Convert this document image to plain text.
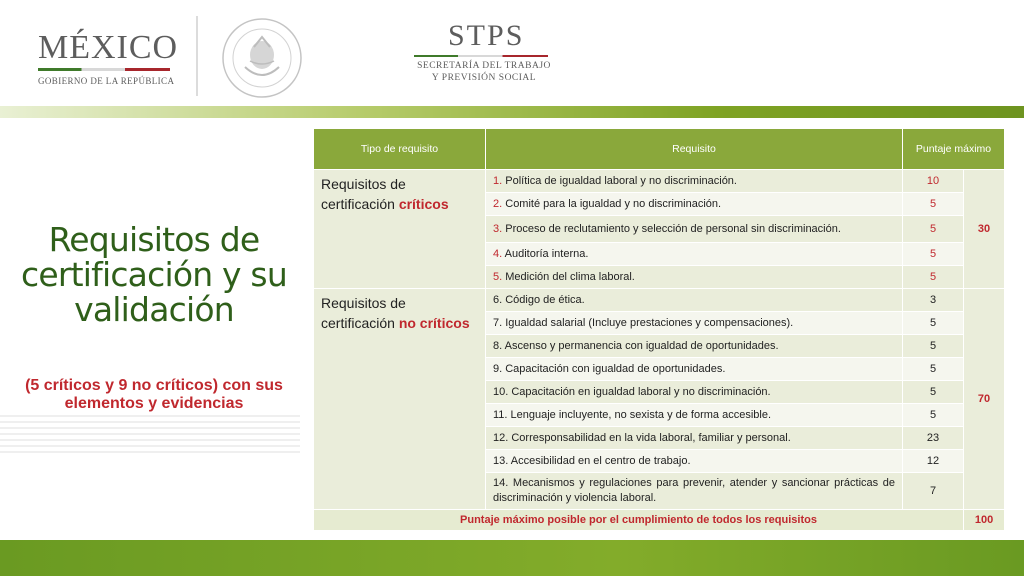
MÉXICO
GOBIERNO DE LA REPÚBLICA
STPS
SECRETARÍA DEL TRABAJO
Y PREVISIÓN SOCIAL
Requisitos de
certificación y su
validación
(5 críticos y 9 no críticos) con sus elementos y evidencias
Tipo de requisito	Requisito	Puntaje máximo	
Requisitos de certificación críticos	1. Política de igualdad laboral y no discriminación.	10	30
	2. Comité para la igualdad y no discriminación.	5	
	3. Proceso de reclutamiento y selección de personal sin discriminación.	5	
	4. Auditoría interna.	5	
	5. Medición del clima laboral.	5	
Requisitos de certificación no críticos	6. Código de ética.	3	70
	7. Igualdad salarial (Incluye prestaciones y compensaciones).	5	
	8. Ascenso y permanencia con igualdad de oportunidades.	5	
	9. Capacitación con igualdad de oportunidades.	5	
	10. Capacitación en igualdad laboral y no discriminación.	5	
	11. Lenguaje incluyente, no sexista y de forma accesible.	5	
	12. Corresponsabilidad en la vida laboral, familiar y personal.	23	
	13. Accesibilidad en el centro de trabajo.	12	
	14. Mecanismos y regulaciones para prevenir, atender y sancionar prácticas de discriminación y violencia laboral.	7	
Puntaje máximo posible por el cumplimiento de todos los requisitos			100
